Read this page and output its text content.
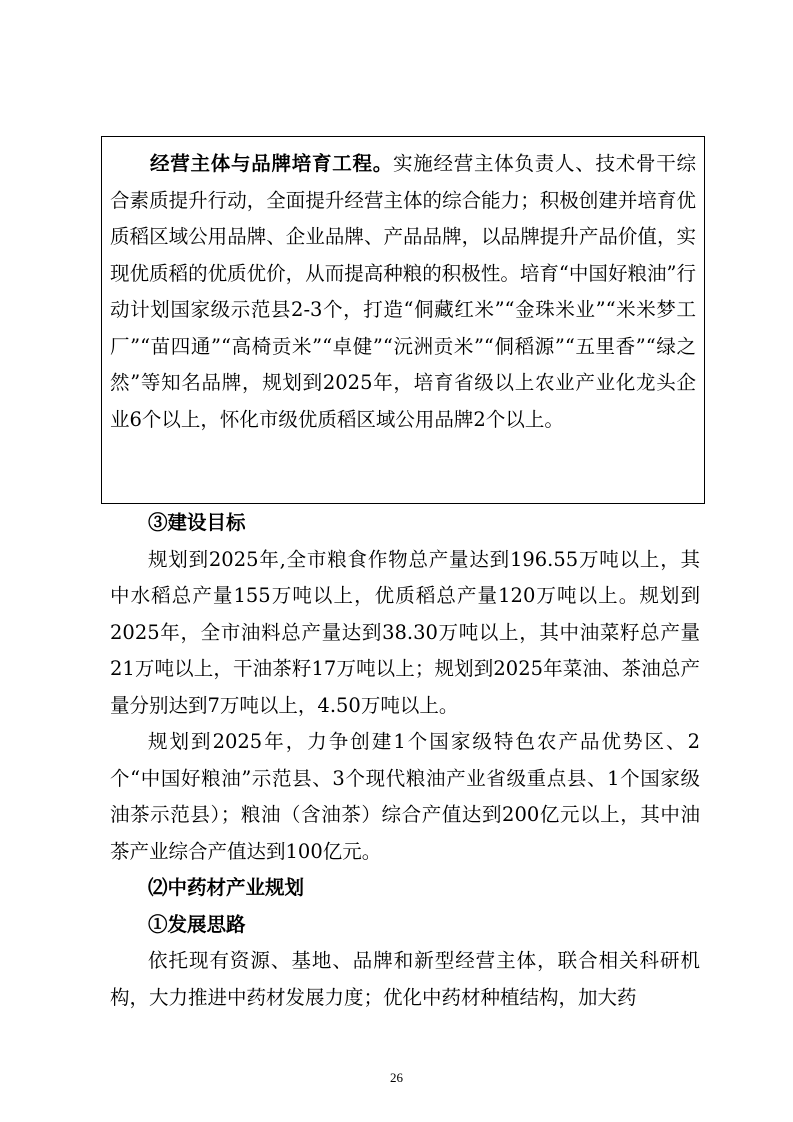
经营主体与品牌培育工程。实施经营主体负责人、技术骨干综合素质提升行动，全面提升经营主体的综合能力；积极创建并培育优质稻区域公用品牌、企业品牌、产品品牌，以品牌提升产品价值，实现优质稻的优质优价，从而提高种粮的积极性。培育“中国好粮油”行动计划国家级示范县2-3个，打造“侗藏红米”“金珠米业”“米米梦工厂”“苗四通”“高椅贡米”“卓健”“沅洲贡米”“侗稻源”“五里香”“绿之然”等知名品牌，规划到2025年，培育省级以上农业产业化龙头企业6个以上，怀化市级优质稻区域公用品牌2个以上。

③建设目标

规划到2025年,全市粮食作物总产量达到196.55万吨以上，其中水稻总产量155万吨以上，优质稻总产量120万吨以上。规划到2025年，全市油料总产量达到38.30万吨以上，其中油菜籽总产量21万吨以上，干油茶籽17万吨以上；规划到2025年菜油、茶油总产量分别达到7万吨以上，4.50万吨以上。

规划到2025年，力争创建1个国家级特色农产品优势区、2个“中国好粮油”示范县、3个现代粮油产业省级重点县、1个国家级油茶示范县）；粮油（含油茶）综合产值达到200亿元以上，其中油茶产业综合产值达到100亿元。

⑵中药材产业规划

①发展思路

依托现有资源、基地、品牌和新型经营主体，联合相关科研机构，大力推进中药材发展力度；优化中药材种植结构，加大药

26
